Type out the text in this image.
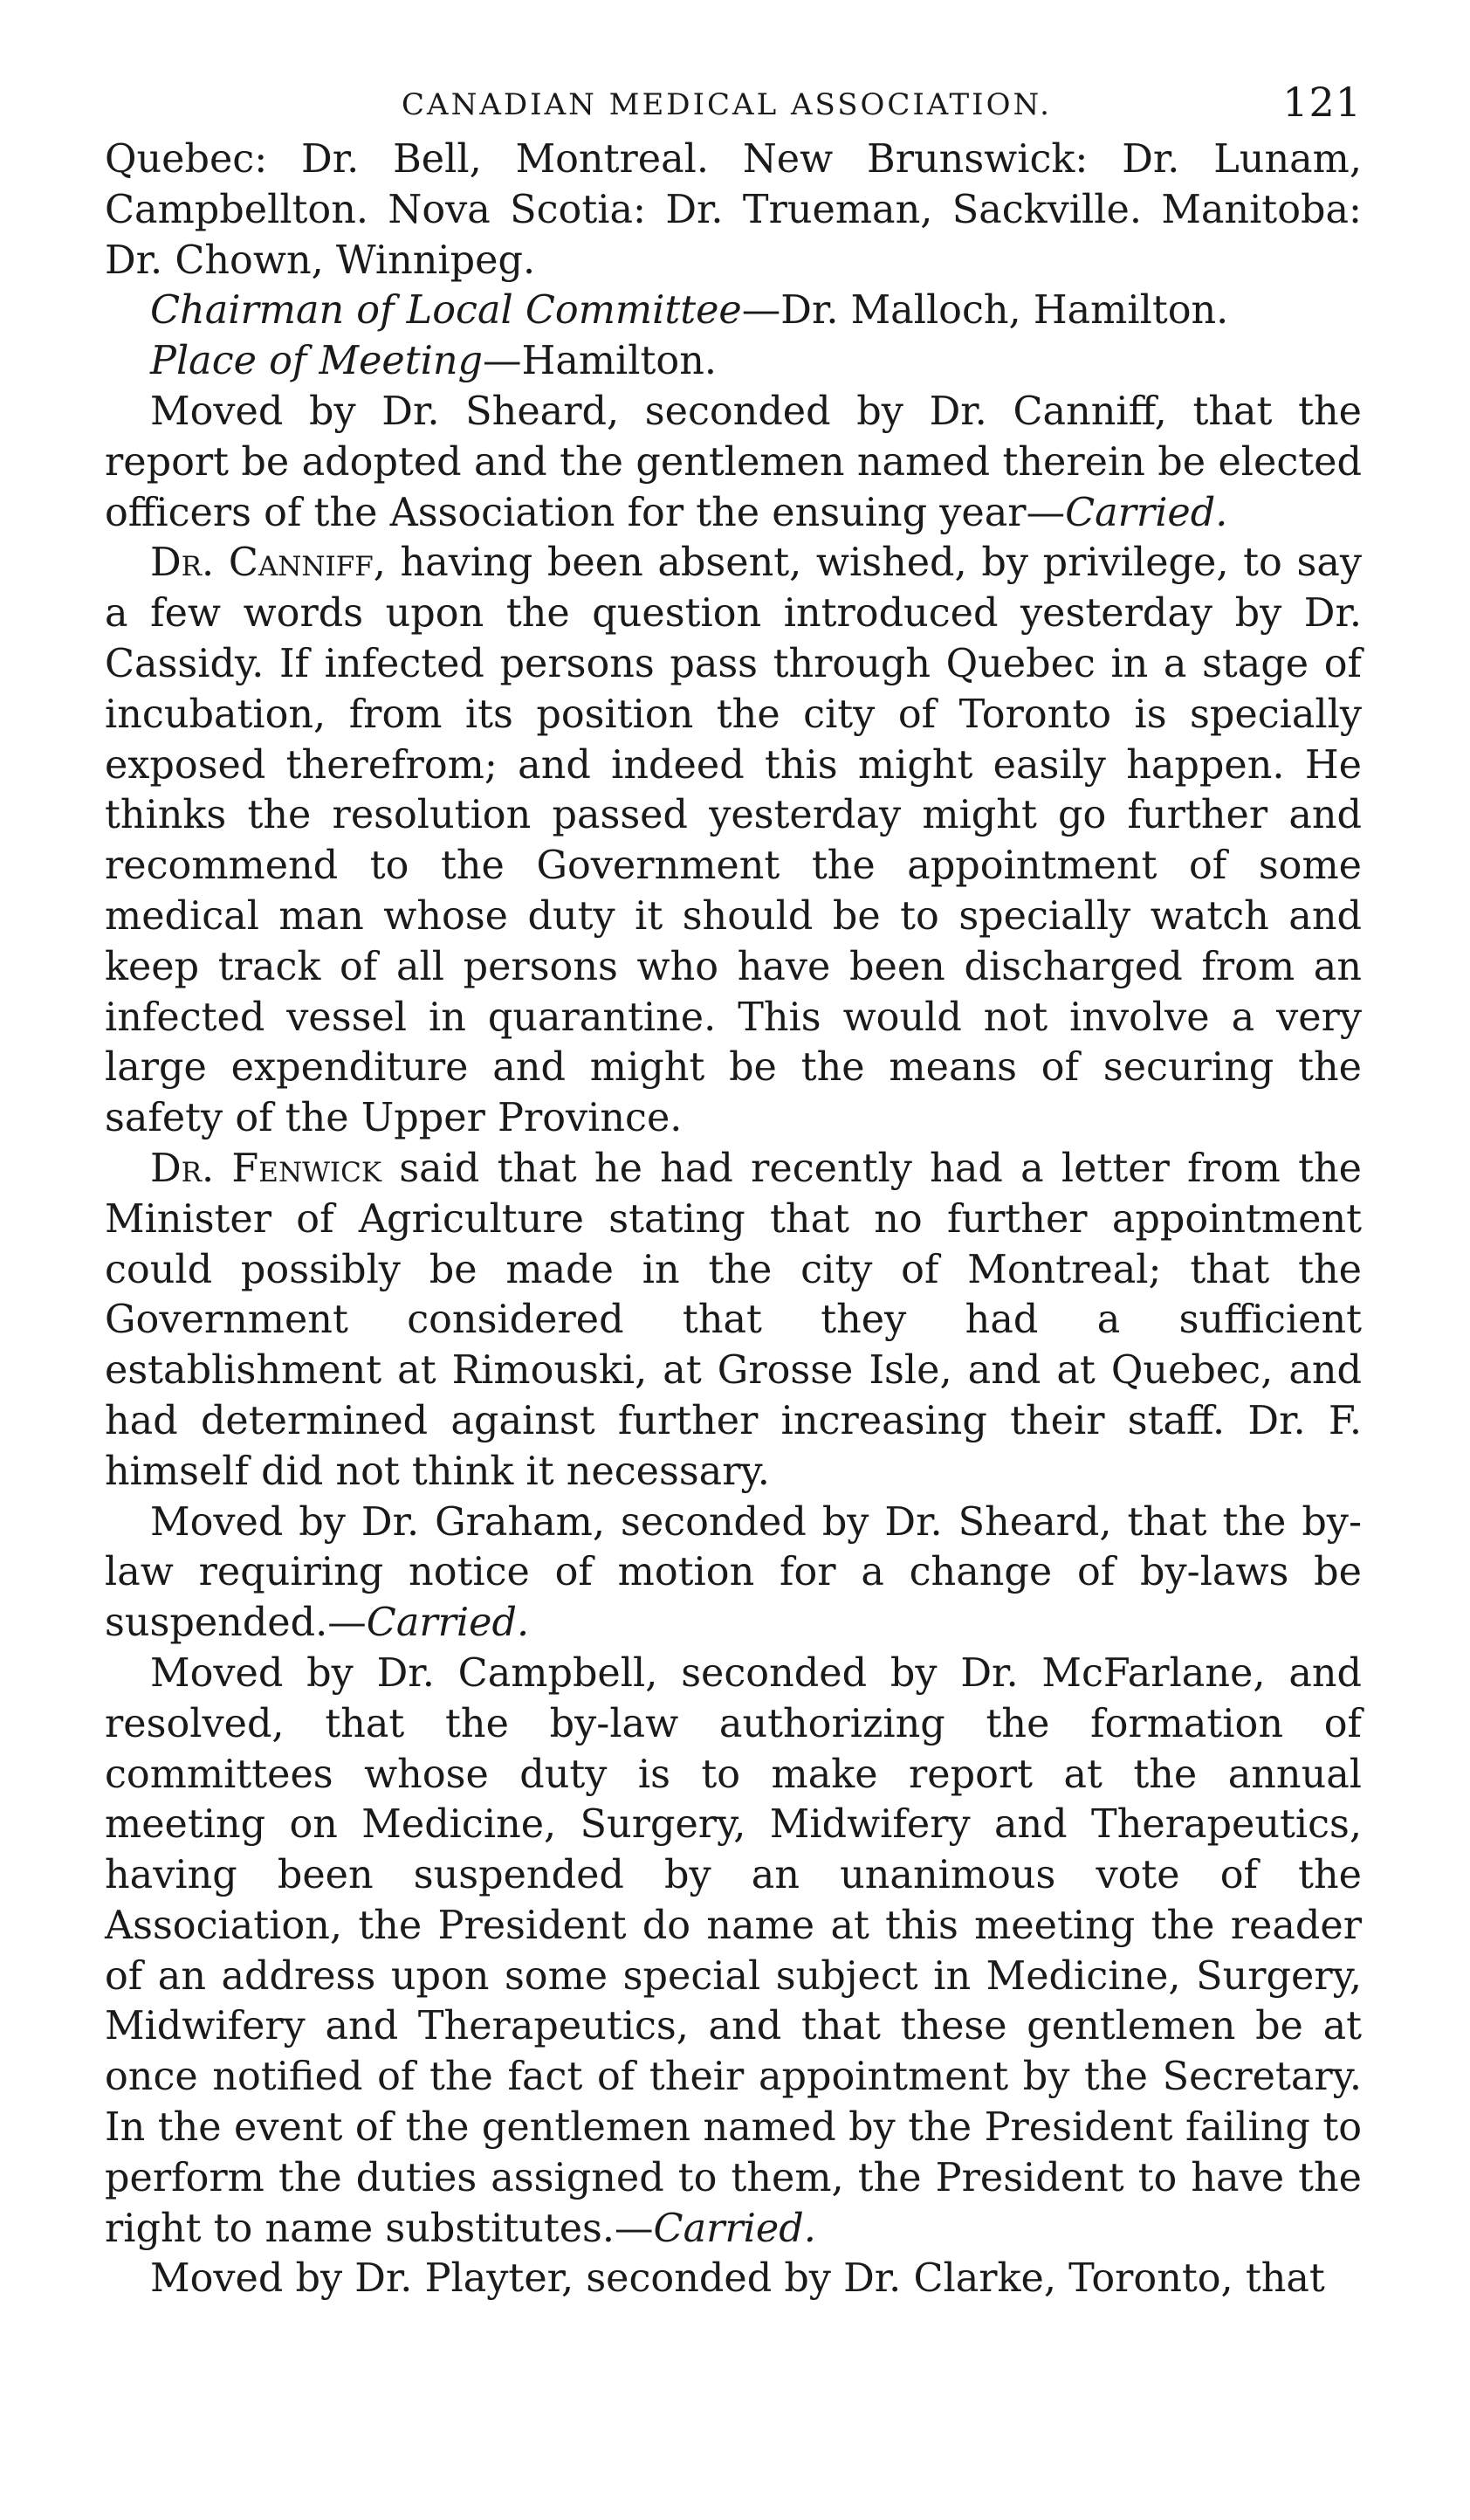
CANADIAN MEDICAL ASSOCIATION.	121

Quebec: Dr. Bell, Montreal. New Brunswick: Dr. Lunam, Campbellton. Nova Scotia: Dr. Trueman, Sackville. Manitoba: Dr. Chown, Winnipeg.

Chairman of Local Committee—Dr. Malloch, Hamilton.

Place of Meeting—Hamilton.

Moved by Dr. Sheard, seconded by Dr. Canniff, that the report be adopted and the gentlemen named therein be elected officers of the Association for the ensuing year—Carried.

Dr. Canniff, having been absent, wished, by privilege, to say a few words upon the question introduced yesterday by Dr. Cassidy. If infected persons pass through Quebec in a stage of incubation, from its position the city of Toronto is specially exposed therefrom; and indeed this might easily happen. He thinks the resolution passed yesterday might go further and recommend to the Government the appointment of some medical man whose duty it should be to specially watch and keep track of all persons who have been discharged from an infected vessel in quarantine. This would not involve a very large expenditure and might be the means of securing the safety of the Upper Province.

Dr. Fenwick said that he had recently had a letter from the Minister of Agriculture stating that no further appointment could possibly be made in the city of Montreal; that the Government considered that they had a sufficient establishment at Rimouski, at Grosse Isle, and at Quebec, and had determined against further increasing their staff. Dr. F. himself did not think it necessary.

Moved by Dr. Graham, seconded by Dr. Sheard, that the by-law requiring notice of motion for a change of by-laws be suspended.—Carried.

Moved by Dr. Campbell, seconded by Dr. McFarlane, and resolved, that the by-law authorizing the formation of committees whose duty is to make report at the annual meeting on Medicine, Surgery, Midwifery and Therapeutics, having been suspended by an unanimous vote of the Association, the President do name at this meeting the reader of an address upon some special subject in Medicine, Surgery, Midwifery and Therapeutics, and that these gentlemen be at once notified of the fact of their appointment by the Secretary. In the event of the gentlemen named by the President failing to perform the duties assigned to them, the President to have the right to name substitutes.—Carried.

Moved by Dr. Playter, seconded by Dr. Clarke, Toronto, that
